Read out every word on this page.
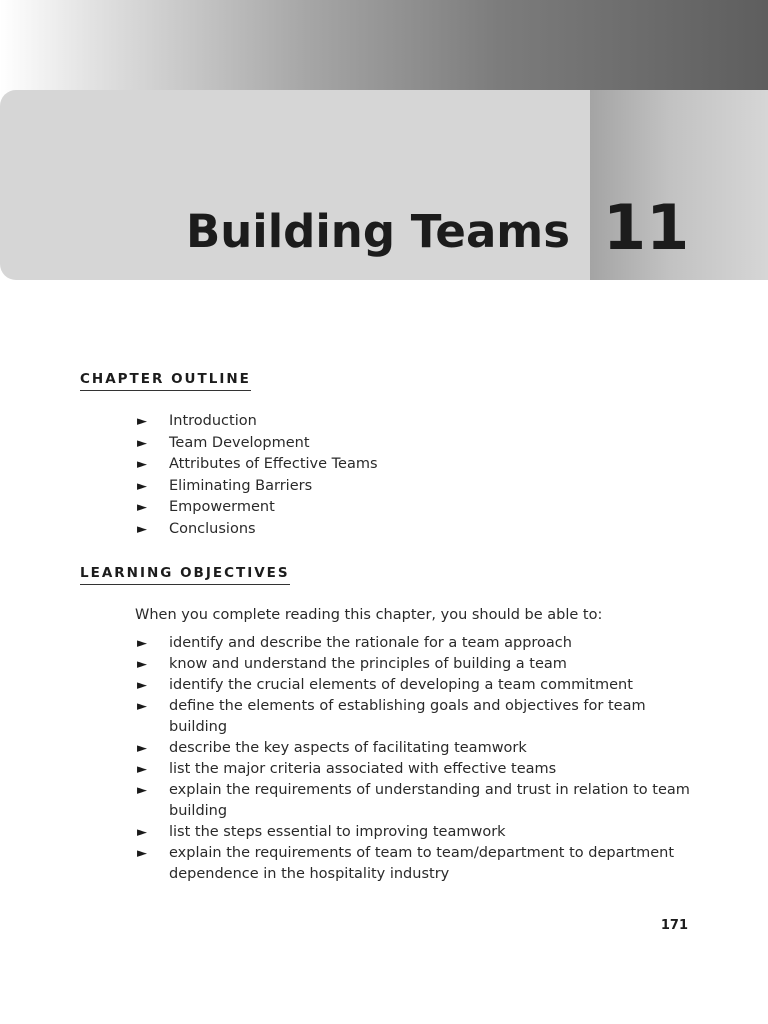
Building Teams 11
CHAPTER OUTLINE
► Introduction
► Team Development
► Attributes of Effective Teams
► Eliminating Barriers
► Empowerment
► Conclusions
LEARNING OBJECTIVES
When you complete reading this chapter, you should be able to:
► identify and describe the rationale for a team approach
► know and understand the principles of building a team
► identify the crucial elements of developing a team commitment
► define the elements of establishing goals and objectives for team building
► describe the key aspects of facilitating teamwork
► list the major criteria associated with effective teams
► explain the requirements of understanding and trust in relation to team building
► list the steps essential to improving teamwork
► explain the requirements of team to team/department to department dependence in the hospitality industry
171
